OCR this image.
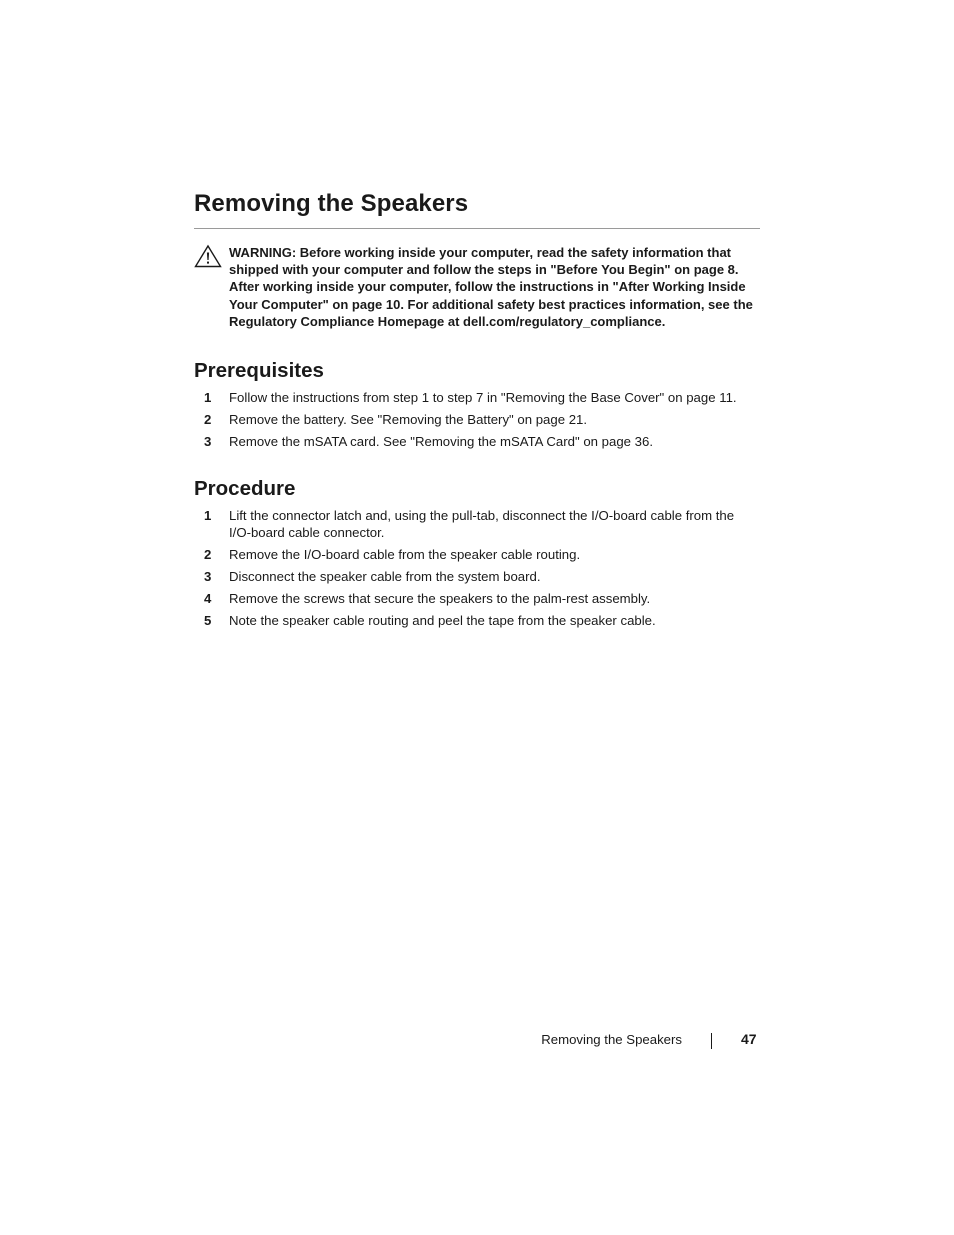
Removing the Speakers

WARNING: Before working inside your computer, read the safety information that shipped with your computer and follow the steps in "Before You Begin" on page 8. After working inside your computer, follow the instructions in "After Working Inside Your Computer" on page 10. For additional safety best practices information, see the Regulatory Compliance Homepage at dell.com/regulatory_compliance.

Prerequisites
1 Follow the instructions from step 1 to step 7 in "Removing the Base Cover" on page 11.
2 Remove the battery. See "Removing the Battery" on page 21.
3 Remove the mSATA card. See "Removing the mSATA Card" on page 36.
Procedure
1 Lift the connector latch and, using the pull-tab, disconnect the I/O-board cable from the I/O-board cable connector.
2 Remove the I/O-board cable from the speaker cable routing.
3 Disconnect the speaker cable from the system board.
4 Remove the screws that secure the speakers to the palm-rest assembly.
5 Note the speaker cable routing and peel the tape from the speaker cable.
Removing the Speakers	47
